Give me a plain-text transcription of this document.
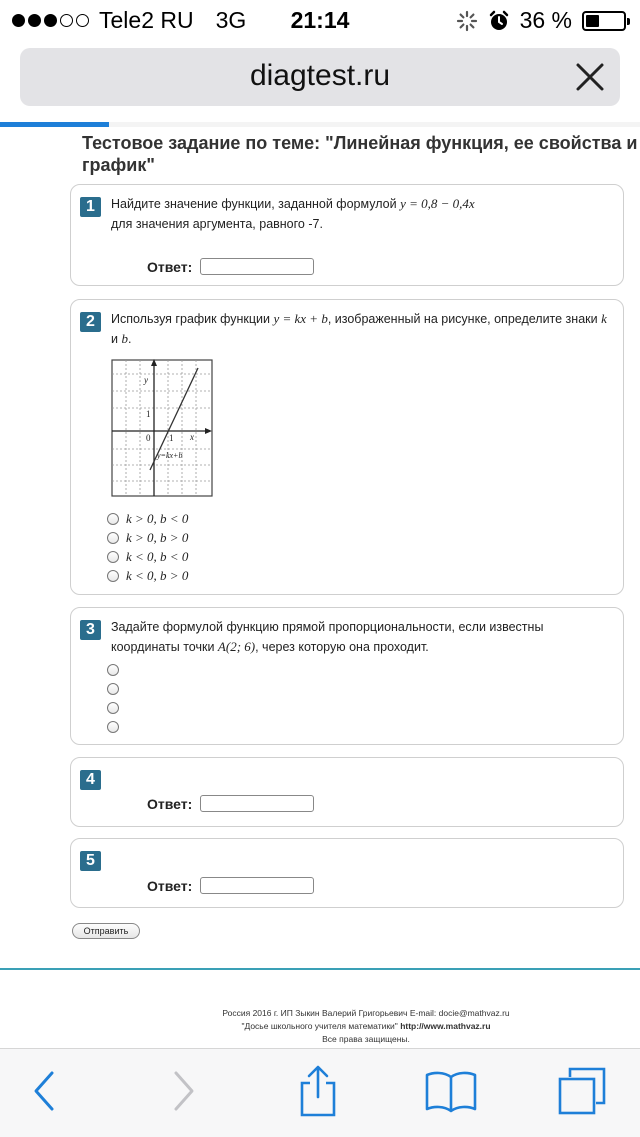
Tele2 RU 3G	21:14	36 %
diagtest.ru
Тестовое задание по теме: "Линейная функция, ее свойства и график"
1	Найдите значение функции, заданной формулой y = 0,8 − 0,4x
для значения аргумента, равного -7.
Ответ:
2	Используя график функции y = kx + b, изображенный на рисунке, определите знаки k и b.
y
x
0 1
1
y=kx+b
k > 0, b < 0
k > 0, b > 0
k < 0, b < 0
k < 0, b > 0
3	Задайте формулой функцию прямой пропорциональности, если известны координаты точки A(2; 6), через которую она проходит.
4
Ответ:
5
Ответ:
Отправить
Россия 2016 г. ИП Зыкин Валерий Григорьевич E-mail: docie@mathvaz.ru
"Досье школьного учителя математики" http://www.mathvaz.ru
Все права защищены.
